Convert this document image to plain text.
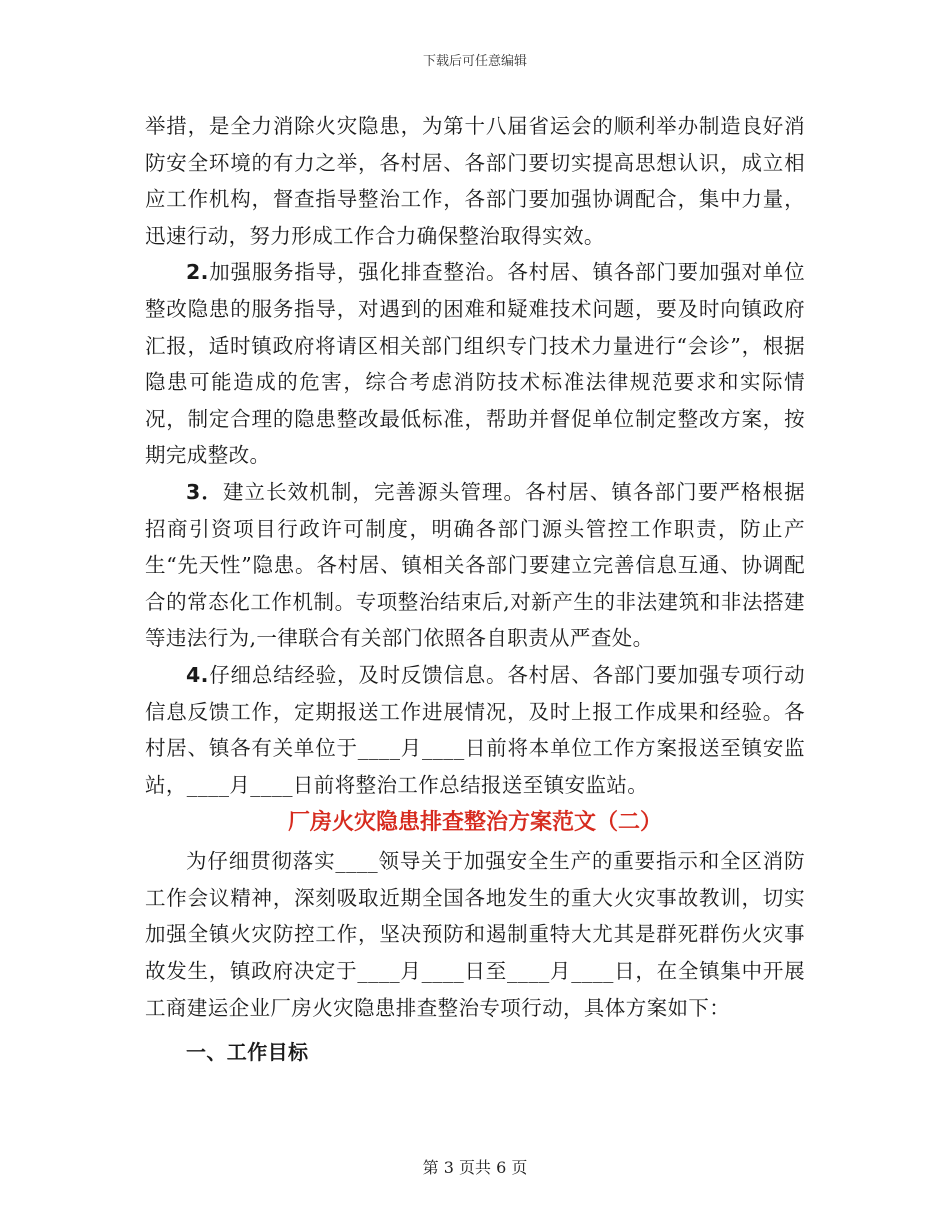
下载后可任意编辑

举措，是全力消除火灾隐患，为第十八届省运会的顺利举办制造良好消防安全环境的有力之举，各村居、各部门要切实提高思想认识，成立相应工作机构，督查指导整治工作，各部门要加强协调配合，集中力量，迅速行动，努力形成工作合力确保整治取得实效。

2.加强服务指导，强化排查整治。各村居、镇各部门要加强对单位整改隐患的服务指导，对遇到的困难和疑难技术问题，要及时向镇政府汇报，适时镇政府将请区相关部门组织专门技术力量进行“会诊”，根据隐患可能造成的危害，综合考虑消防技术标准法律规范要求和实际情况，制定合理的隐患整改最低标准，帮助并督促单位制定整改方案，按期完成整改。

3．建立长效机制，完善源头管理。各村居、镇各部门要严格根据招商引资项目行政许可制度，明确各部门源头管控工作职责，防止产生“先天性”隐患。各村居、镇相关各部门要建立完善信息互通、协调配合的常态化工作机制。专项整治结束后,对新产生的非法建筑和非法搭建等违法行为,一律联合有关部门依照各自职责从严查处。

4.仔细总结经验，及时反馈信息。各村居、各部门要加强专项行动信息反馈工作，定期报送工作进展情况，及时上报工作成果和经验。各村居、镇各有关单位于____月____日前将本单位工作方案报送至镇安监站，____月____日前将整治工作总结报送至镇安监站。

厂房火灾隐患排查整治方案范文（二）

为仔细贯彻落实____领导关于加强安全生产的重要指示和全区消防工作会议精神，深刻吸取近期全国各地发生的重大火灾事故教训，切实加强全镇火灾防控工作，坚决预防和遏制重特大尤其是群死群伤火灾事故发生，镇政府决定于____月____日至____月____日，在全镇集中开展工商建运企业厂房火灾隐患排查整治专项行动，具体方案如下：

一、工作目标

第 3 页共 6 页
